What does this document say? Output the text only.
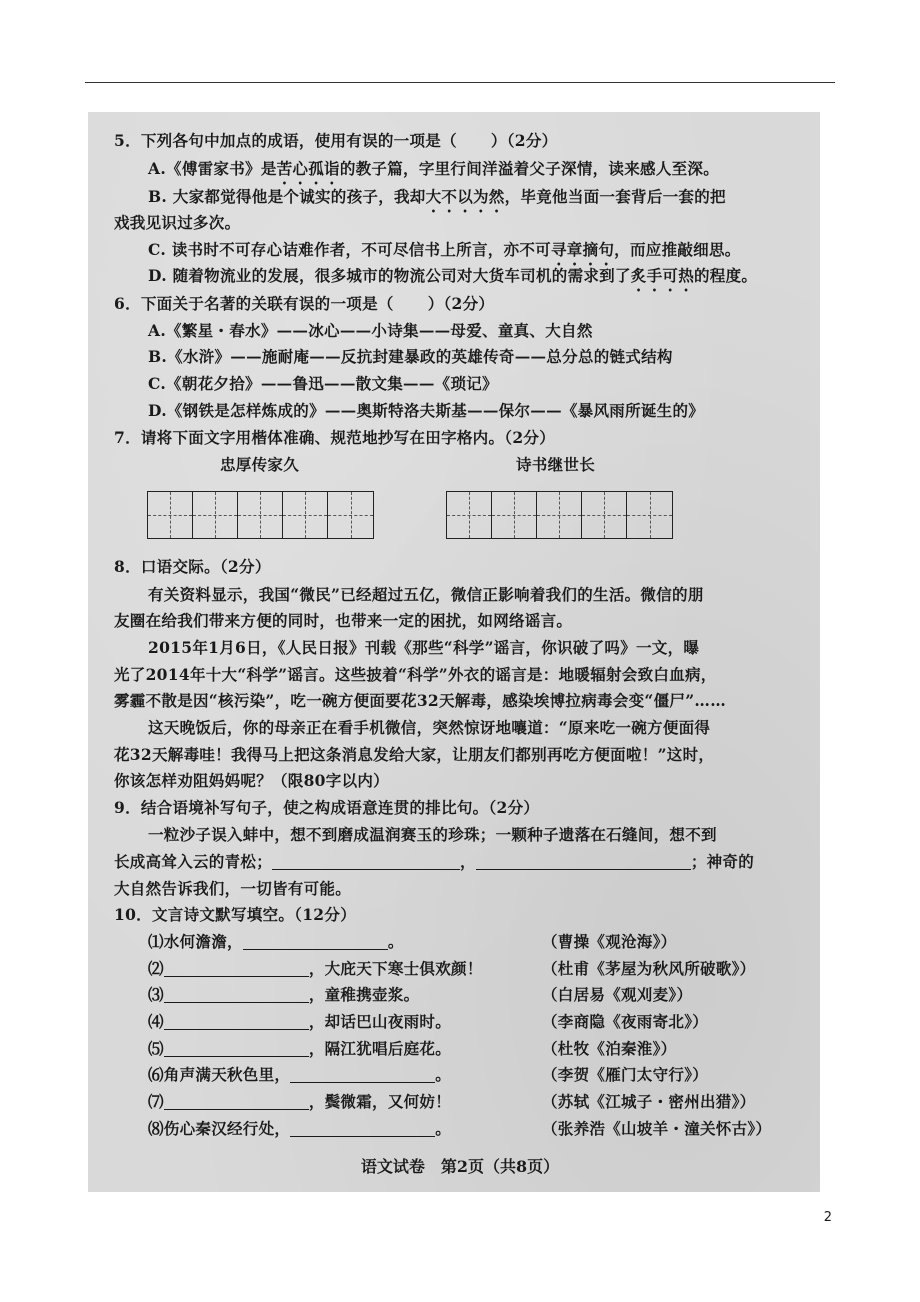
5．下列各句中加点的成语，使用有误的一项是（ ）（2分）
A.《傅雷家书》是苦心孤诣的教子篇，字里行间洋溢着父子深情，读来感人至深。
B. 大家都觉得他是个诚实的孩子，我却大不以为然，毕竟他当面一套背后一套的把
戏我见识过多次。
C. 读书时不可存心诘难作者，不可尽信书上所言，亦不可寻章摘句，而应推敲细思。
D. 随着物流业的发展，很多城市的物流公司对大货车司机的需求到了炙手可热的程度。
6．下面关于名著的关联有误的一项是（ ）（2分）
A.《繁星・春水》——冰心——小诗集——母爱、童真、大自然
B.《水浒》——施耐庵——反抗封建暴政的英雄传奇——总分总的链式结构
C.《朝花夕拾》——鲁迅——散文集——《琐记》
D.《钢铁是怎样炼成的》——奥斯特洛夫斯基——保尔——《暴风雨所诞生的》
7．请将下面文字用楷体准确、规范地抄写在田字格内。（2分）
忠厚传家久	诗书继世长
8．口语交际。（2分）
有关资料显示，我国“微民”已经超过五亿，微信正影响着我们的生活。微信的朋
友圈在给我们带来方便的同时，也带来一定的困扰，如网络谣言。
2015年1月6日，《人民日报》刊载《那些“科学”谣言，你识破了吗》一文，曝
光了2014年十大“科学”谣言。这些披着“科学”外衣的谣言是：地暖辐射会致白血病，
雾霾不散是因“核污染”，吃一碗方便面要花32天解毒，感染埃博拉病毒会变“僵尸”……
这天晚饭后，你的母亲正在看手机微信，突然惊讶地嚷道：“原来吃一碗方便面得
花32天解毒哇！我得马上把这条消息发给大家，让朋友们都别再吃方便面啦！”这时，
你该怎样劝阻妈妈呢？（限80字以内）
9．结合语境补写句子，使之构成语意连贯的排比句。（2分）
一粒沙子误入蚌中，想不到磨成温润赛玉的珍珠；一颗种子遗落在石缝间，想不到
长成高耸入云的青松；	，	；神奇的
大自然告诉我们，一切皆有可能。
10．文言诗文默写填空。（12分）
⑴水何澹澹，	。	（曹操《观沧海》）
⑵	，大庇天下寒士俱欢颜！	（杜甫《茅屋为秋风所破歌》）
⑶	，童稚携壶浆。	（白居易《观刈麦》）
⑷	，却话巴山夜雨时。	（李商隐《夜雨寄北》）
⑸	，隔江犹唱后庭花。	（杜牧《泊秦淮》）
⑹角声满天秋色里，	。	（李贺《雁门太守行》）
⑺	，鬓微霜，又何妨！	（苏轼《江城子・密州出猎》）
⑻伤心秦汉经行处，	。	（张养浩《山坡羊・潼关怀古》）
语文试卷　第2页（共8页）
2
